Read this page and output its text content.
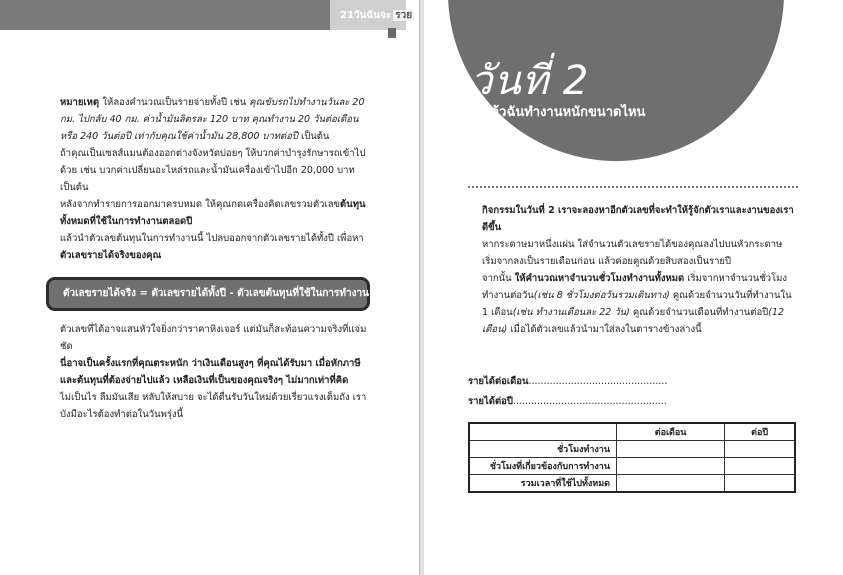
21วันฉันจะ รวย

หมายเหตุ ให้ลองคำนวณเป็นรายจ่ายทั้งปี เช่น คุณขับรถไปทำงานวันละ 20 กม. ไปกลับ 40 กม. ค่าน้ำมันลิตรละ 120 บาท คุณทำงาน 20 วันต่อเดือน หรือ 240 วันต่อปี เท่ากับคุณใช้ค่าน้ำมัน 28,800 บาทต่อปี เป็นต้น

ถ้าคุณเป็นเซลส์แมนต้องออกต่างจังหวัดบ่อยๆ ให้บวกค่าบำรุงรักษารถเข้าไปด้วย เช่น บวกค่าเปลี่ยนอะไหล่รถและน้ำมันเครื่องเข้าไปอีก 20,000 บาท เป็นต้น

หลังจากทำรายการออกมาครบหมด ให้คุณกดเครื่องคิดเลขรวมตัวเลขต้นทุนทั้งหมดที่ใช้ในการทำงานตลอดปี

แล้วนำตัวเลขต้นทุนในการทำงานนี้ ไปลบออกจากตัวเลขรายได้ทั้งปี เพื่อหาตัวเลขรายได้จริงของคุณ

ตัวเลขรายได้จริง = ตัวเลขรายได้ทั้งปี - ตัวเลขต้นทุนที่ใช้ในการทำงาน

ตัวเลขที่ได้อาจแสนหัวใจยิ่งกว่าราคาหิงเจอร์ แต่มันก็สะท้อนความจริงที่แจ่มชัด

นี่อาจเป็นครั้งแรกที่คุณตระหนัก ว่าเงินเดือนสูงๆ ที่คุณได้รับมา เมื่อหักภาษีและต้นทุนที่ต้องจ่ายไปแล้ว เหลือเงินที่เป็นของคุณจริงๆ ไม่มากเท่าที่คิด

ไม่เป็นไร ลืมมันเสีย หลับให้สบาย จะได้ตื่นรับวันใหม่ด้วยเรี่ยวแรงเต็มถัง เราบังมีอะไรต้องทำต่อในวันพรุ่งนี้

วันที่ 2
ปีที่แล้วฉันทำงานหนักขนาดไหน

กิจกรรมในวันที่ 2 เราจะลองหาอีกตัวเลขที่จะทำให้รู้จักตัวเราและงานของเราดีขึ้น

หากระดาษมาหนึ่งแผ่น ใส่จำนวนตัวเลขรายได้ของคุณลงไปบนหัวกระดาษ เริ่มจากลงเป็นรายเดือนก่อน แล้วค่อยคูณด้วยสิบสองเป็นรายปี

จากนั้น ให้คำนวณหาจำนวนชั่วโมงทำงานทั้งหมด เริ่มจากหาจำนวนชั่วโมงทำงานต่อวัน(เช่น 8 ชั่วโมงต่อวันรวมเดินทาง) คูณด้วยจำนวนวันที่ทำงานใน 1 เดือน(เช่น ทำงานเดือนละ 22 วัน) คูณด้วยจำนวนเดือนที่ทำงานต่อปี(12 เดือน) เมื่อได้ตัวเลขแล้วนำมาใส่ลงในตารางข้างล่างนี้

รายได้ต่อเดือน..............................................
รายได้ต่อปี...................................................
	ต่อเดือน	ต่อปี
ชั่วโมงทำงาน		
ชั่วโมงที่เกี่ยวข้องกับการทำงาน		
รวมเวลาที่ใช้ไปทั้งหมด		
